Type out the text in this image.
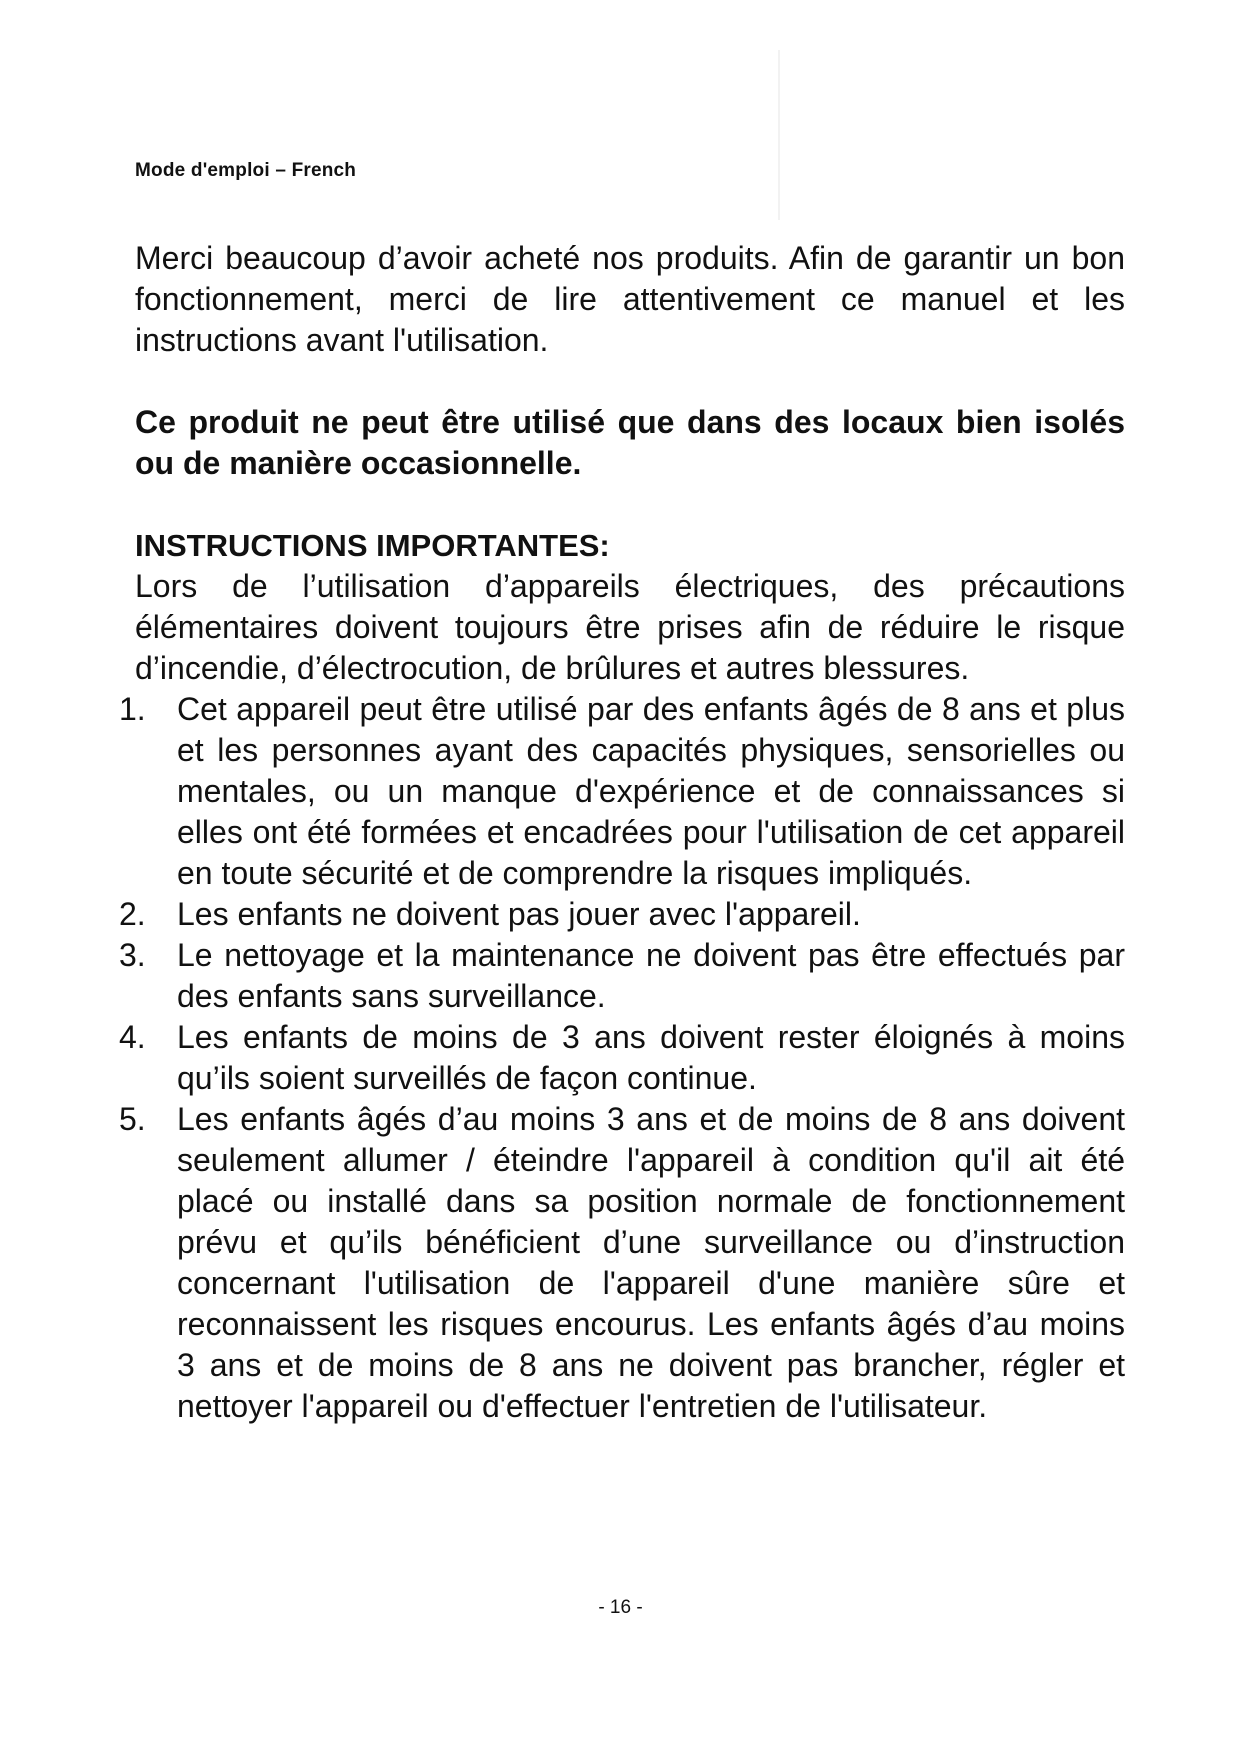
Mode d'emploi – French

Merci beaucoup d’avoir acheté nos produits. Afin de garantir un bon fonctionnement, merci de lire attentivement ce manuel et les instructions avant l'utilisation.

Ce produit ne peut être utilisé que dans des locaux bien isolés ou de manière occasionnelle.

INSTRUCTIONS IMPORTANTES:

Lors de l’utilisation d’appareils électriques, des précautions élémentaires doivent toujours être prises afin de réduire le risque d’incendie, d’électrocution, de brûlures et autres blessures.

1. Cet appareil peut être utilisé par des enfants âgés de 8 ans et plus et les personnes ayant des capacités physiques, sensorielles ou mentales, ou un manque d'expérience et de connaissances si elles ont été formées et encadrées pour l'utilisation de cet appareil en toute sécurité et de comprendre la risques impliqués.
2. Les enfants ne doivent pas jouer avec l'appareil.
3. Le nettoyage et la maintenance ne doivent pas être effectués par des enfants sans surveillance.
4. Les enfants de moins de 3 ans doivent rester éloignés à moins qu’ils soient surveillés de façon continue.
5. Les enfants âgés d’au moins 3 ans et de moins de 8 ans doivent seulement allumer / éteindre l'appareil à condition qu'il ait été placé ou installé dans sa position normale de fonctionnement prévu et qu’ils bénéficient d’une surveillance ou d’instruction concernant l'utilisation de l'appareil d'une manière sûre et reconnaissent les risques encourus. Les enfants âgés d’au moins 3 ans et de moins de 8 ans ne doivent pas brancher, régler et nettoyer l'appareil ou d'effectuer l'entretien de l'utilisateur.
- 16 -
